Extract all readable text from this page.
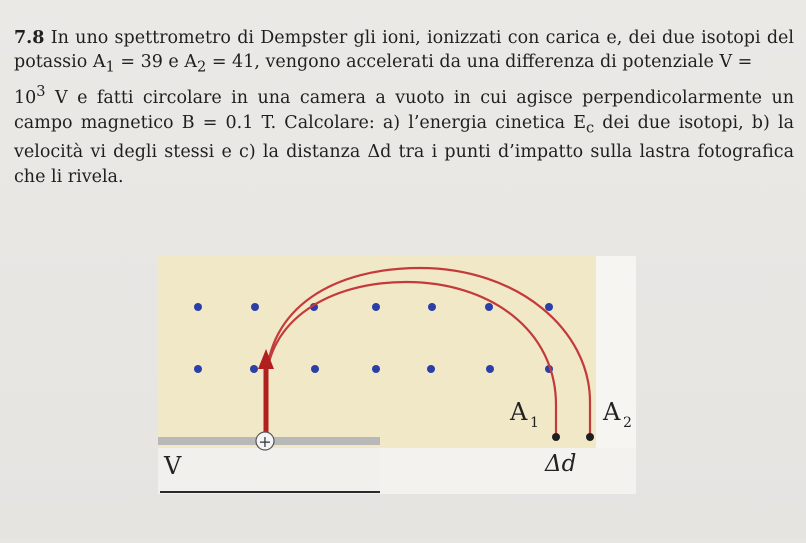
7.8 In uno spettrometro di Dempster gli ioni, ionizzati con carica e, dei due isotopi del potassio $A_1 = 39$ e $A_2 = 41$, vengono accelerati da una differenza di potenziale V =
$10^3$ V e fatti circolare in una camera a vuoto in cui agisce perpendicolarmente un campo magnetico B = 0.1 T. Calcolare: a) l’energia cinetica $E_c$ dei due isotopi, b) la velocità vi degli stessi e c) la distanza Δd tra i punti d’impatto sulla lastra fotografica che li rivela.

+
V
A 1	A 2
Δd
